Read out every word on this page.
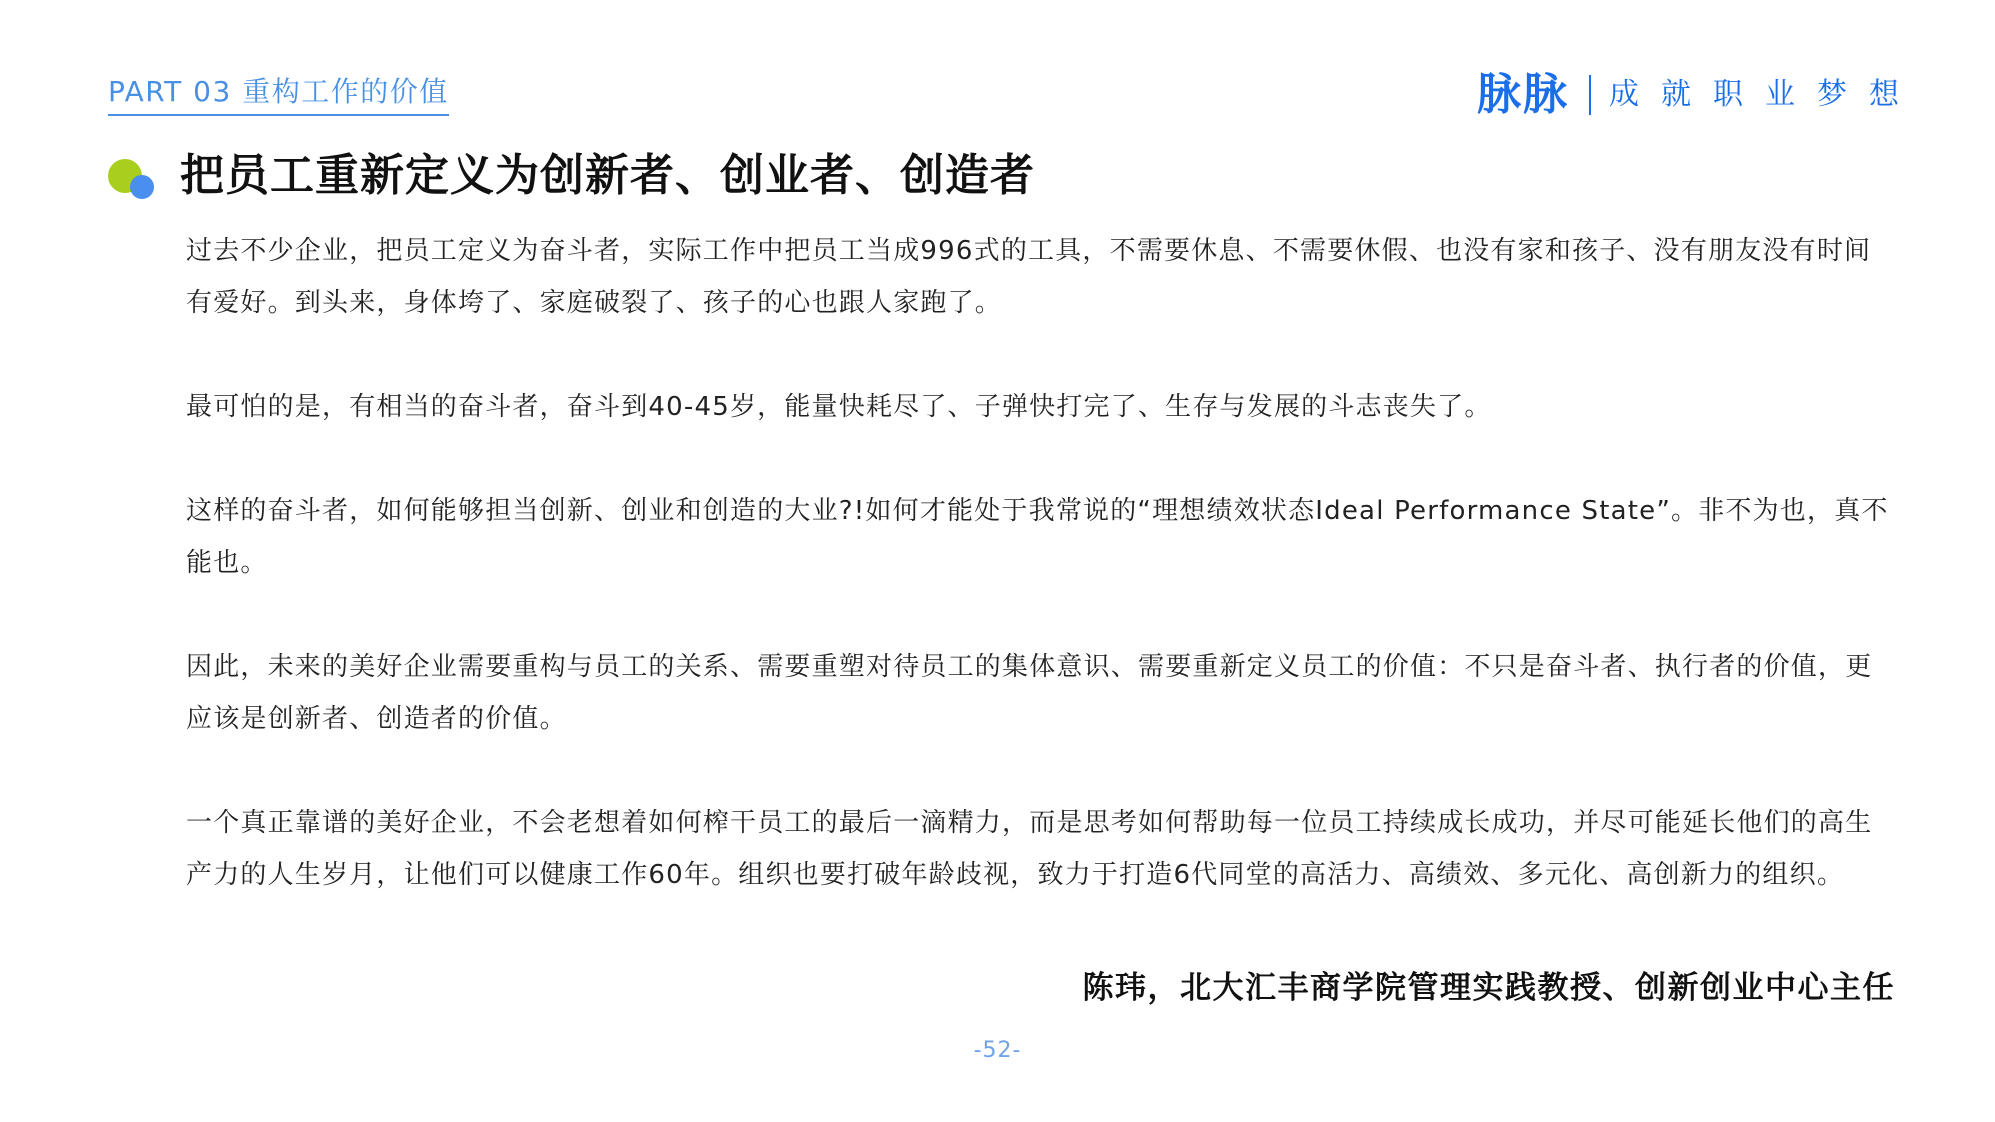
PART 03 重构工作的价值	脉脉 成就职业梦想
把员工重新定义为创新者、创业者、创造者

过去不少企业，把员工定义为奋斗者，实际工作中把员工当成996式的工具，不需要休息、不需要休假、也没有家和孩子、没有朋友没有时间有爱好。到头来，身体垮了、家庭破裂了、孩子的心也跟人家跑了。

最可怕的是，有相当的奋斗者，奋斗到40-45岁，能量快耗尽了、子弹快打完了、生存与发展的斗志丧失了。

这样的奋斗者，如何能够担当创新、创业和创造的大业?!如何才能处于我常说的“理想绩效状态Ideal Performance State”。非不为也，真不能也。

因此，未来的美好企业需要重构与员工的关系、需要重塑对待员工的集体意识、需要重新定义员工的价值：不只是奋斗者、执行者的价值，更应该是创新者、创造者的价值。

一个真正靠谱的美好企业，不会老想着如何榨干员工的最后一滴精力，而是思考如何帮助每一位员工持续成长成功，并尽可能延长他们的高生产力的人生岁月，让他们可以健康工作60年。组织也要打破年龄歧视，致力于打造6代同堂的高活力、高绩效、多元化、高创新力的组织。

陈玮，北大汇丰商学院管理实践教授、创新创业中心主任
-52-
